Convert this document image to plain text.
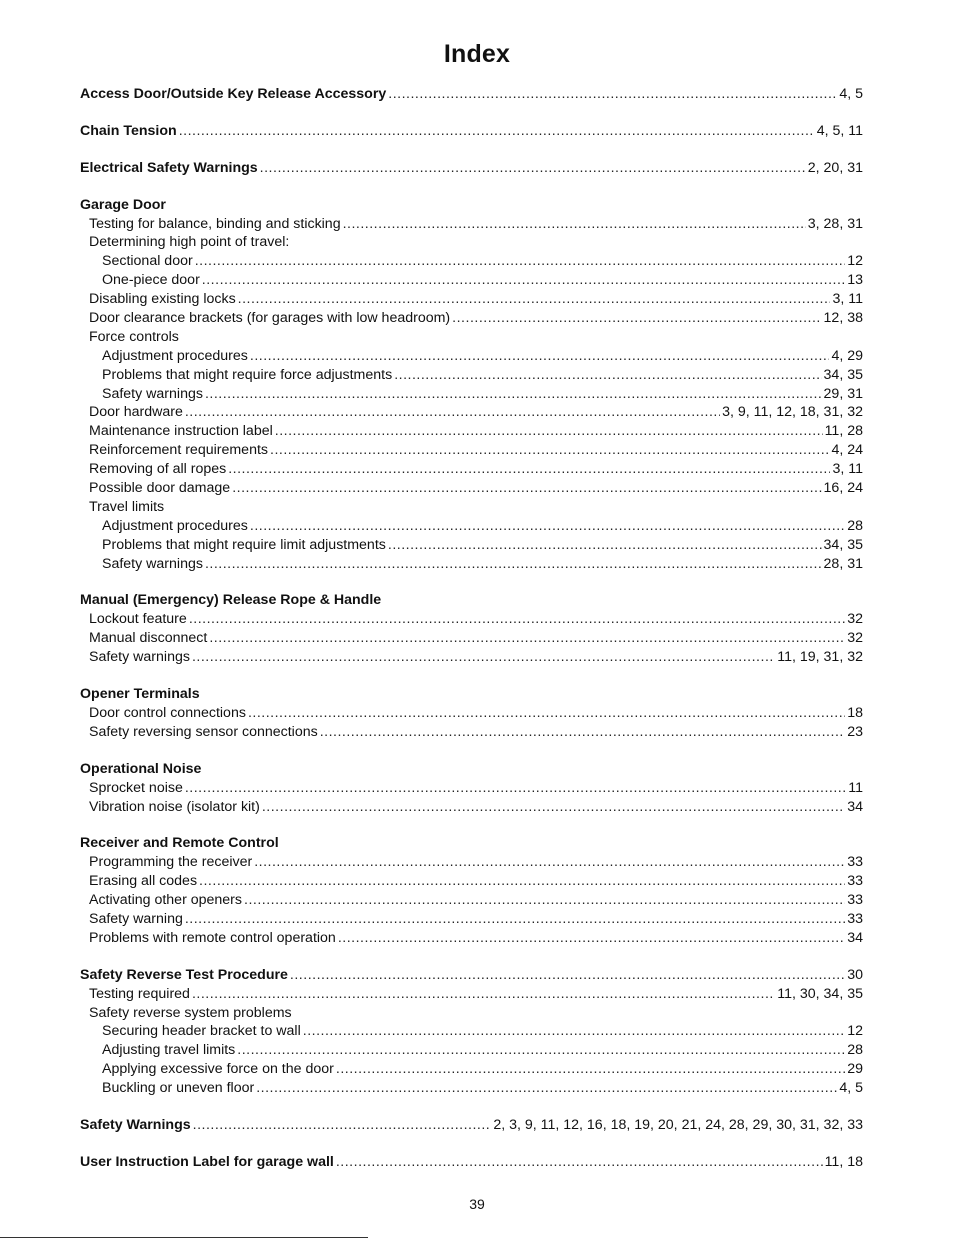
Index
Access Door/Outside Key Release Accessory .....	4, 5
Chain Tension .....	4, 5, 11
Electrical Safety Warnings .....	2, 20, 31
Garage Door
Testing for balance, binding and sticking .....	3, 28, 31
Determining high point of travel:
Sectional door .....	12
One-piece door .....	13
Disabling existing locks .....	3, 11
Door clearance brackets (for garages with low headroom) .....	12, 38
Force controls
Adjustment procedures .....	4, 29
Problems that might require force adjustments .....	34, 35
Safety warnings .....	29, 31
Door hardware .....	3, 9, 11, 12, 18, 31, 32
Maintenance instruction label .....	11, 28
Reinforcement requirements .....	4, 24
Removing of all ropes .....	3, 11
Possible door damage .....	16, 24
Travel limits
Adjustment procedures .....	28
Problems that might require limit adjustments .....	34, 35
Safety warnings .....	28, 31
Manual (Emergency) Release Rope & Handle
Lockout feature .....	32
Manual disconnect .....	32
Safety warnings .....	11, 19, 31, 32
Opener Terminals
Door control connections .....	18
Safety reversing sensor connections .....	23
Operational Noise
Sprocket noise .....	11
Vibration noise (isolator kit) .....	34
Receiver and Remote Control
Programming the receiver .....	33
Erasing all codes .....	33
Activating other openers .....	33
Safety warning .....	33
Problems with remote control operation .....	34
Safety Reverse Test Procedure .....	30
Testing required .....	11, 30, 34, 35
Safety reverse system problems
Securing header bracket to wall .....	12
Adjusting travel limits .....	28
Applying excessive force on the door .....	29
Buckling or uneven floor .....	4, 5
Safety Warnings .....	2, 3, 9, 11, 12, 16, 18, 19, 20, 21, 24, 28, 29, 30, 31, 32, 33
User Instruction Label for garage wall .....	11, 18
39
